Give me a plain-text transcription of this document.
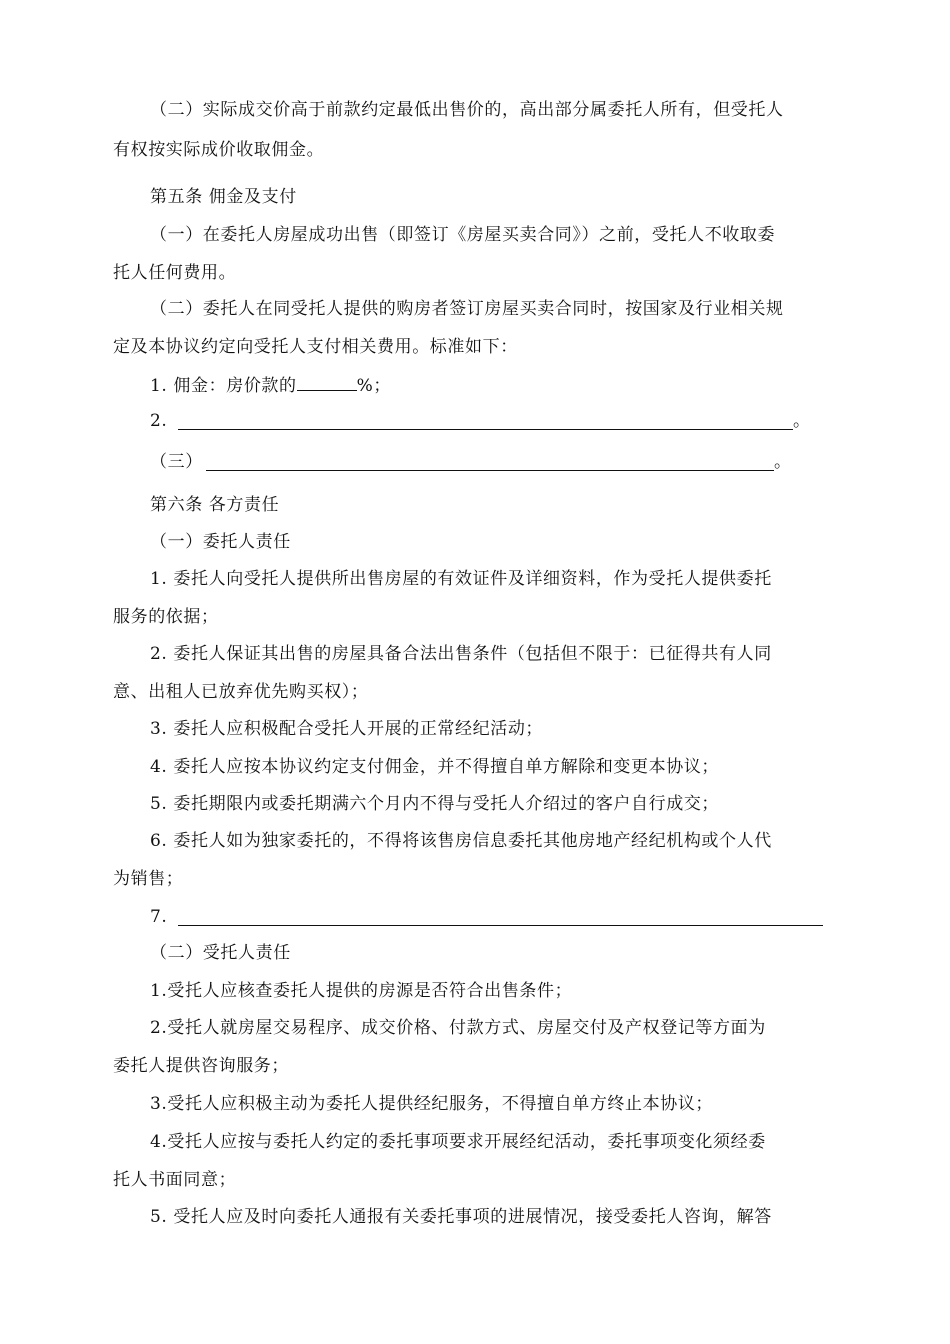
（二）实际成交价高于前款约定最低出售价的，高出部分属委托人所有，但受托人
有权按实际成价收取佣金。
第五条 佣金及支付
（一）在委托人房屋成功出售（即签订《房屋买卖合同》）之前，受托人不收取委
托人任何费用。
（二）委托人在同受托人提供的购房者签订房屋买卖合同时，按国家及行业相关规
定及本协议约定向受托人支付相关费用。标准如下：
1. 佣金：房价款的	%；
2.	。
（三）	。
第六条 各方责任
（一）委托人责任
1. 委托人向受托人提供所出售房屋的有效证件及详细资料，作为受托人提供委托
服务的依据；
2. 委托人保证其出售的房屋具备合法出售条件（包括但不限于：已征得共有人同
意、出租人已放弃优先购买权）；
3. 委托人应积极配合受托人开展的正常经纪活动；
4. 委托人应按本协议约定支付佣金，并不得擅自单方解除和变更本协议；
5. 委托期限内或委托期满六个月内不得与受托人介绍过的客户自行成交；
6. 委托人如为独家委托的，不得将该售房信息委托其他房地产经纪机构或个人代
为销售；
7.
（二）受托人责任
1.受托人应核查委托人提供的房源是否符合出售条件；
2.受托人就房屋交易程序、成交价格、付款方式、房屋交付及产权登记等方面为
委托人提供咨询服务；
3.受托人应积极主动为委托人提供经纪服务，不得擅自单方终止本协议；
4.受托人应按与委托人约定的委托事项要求开展经纪活动，委托事项变化须经委
托人书面同意；
5. 受托人应及时向委托人通报有关委托事项的进展情况，接受委托人咨询，解答
